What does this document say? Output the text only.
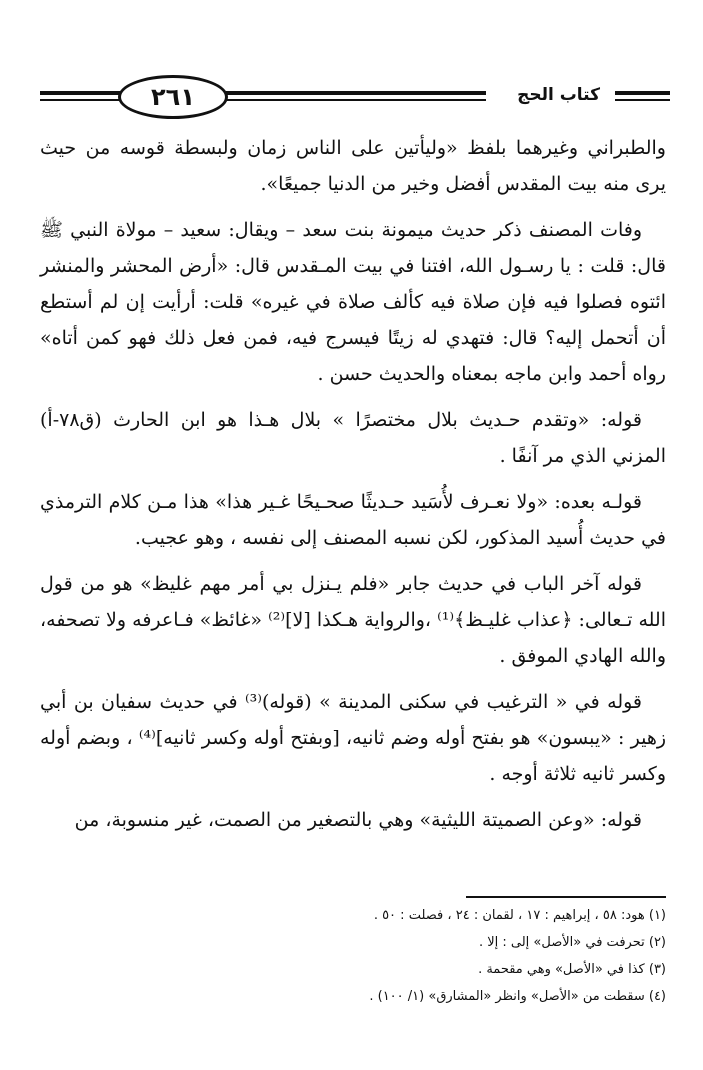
٢٦١	كتاب الحج

والطبراني وغيرهما بلفظ «وليأتين على الناس زمان ولبسطة قوسه من حيث يرى منه بيت المقدس أفضل وخير من الدنيا جميعًا».

وفات المصنف ذكر حديث ميمونة بنت سعد – ويقال: سعيد – مولاة النبي ﷺ قال: قلت : يا رسـول الله، افتنا في بيت المـقدس قال: «أرض المحشر والمنشر ائتوه فصلوا فيه فإن صلاة فيه كألف صلاة في غيره» قلت: أرأيت إن لم أستطع أن أتحمل إليه؟ قال: فتهدي له زيتًا فيسرج فيه، فمن فعل ذلك فهو كمن أتاه» رواه أحمد وابن ماجه بمعناه والحديث حسن .

قوله: «وتقدم حـديث بلال مختصرًا » بلال هـذا هو ابن الحارث (ق٧٨-أ) المزني الذي مر آنفًا .

قولـه بعده: «ولا نعـرف لأُسَيد حـديثًا صحـيحًا غـير هذا» هذا مـن كلام الترمذي في حديث أُسيد المذكور، لكن نسبه المصنف إلى نفسه ، وهو عجيب.

قوله آخر الباب في حديث جابر «فلم يـنزل بي أمر مهم غليظ» هو من قول الله تـعالى: ﴿عذاب غليـظ﴾⁽¹⁾ ،والرواية هـكذا [لا]⁽²⁾ «غائظ» فـاعرفه ولا تصحفه، والله الهادي الموفق .

قوله في « الترغيب في سكنى المدينة » (قوله)⁽³⁾ في حديث سفيان بن أبي زهير : «يبسون» هو بفتح أوله وضم ثانيه، [وبفتح أوله وكسر ثانيه]⁽⁴⁾ ، وبضم أوله وكسر ثانيه ثلاثة أوجه .

قوله: «وعن الصميتة الليثية» وهي بالتصغير من الصمت، غير منسوبة، من

(١) هود: ٥٨ ، إبراهيم : ١٧ ، لقمان : ٢٤ ، فصلت : ٥٠ .
(٢) تحرفت في «الأصل» إلى : إلا .
(٣) كذا في «الأصل» وهي مقحمة .
(٤) سقطت من «الأصل» وانظر «المشارق» (١/ ١٠٠) .
